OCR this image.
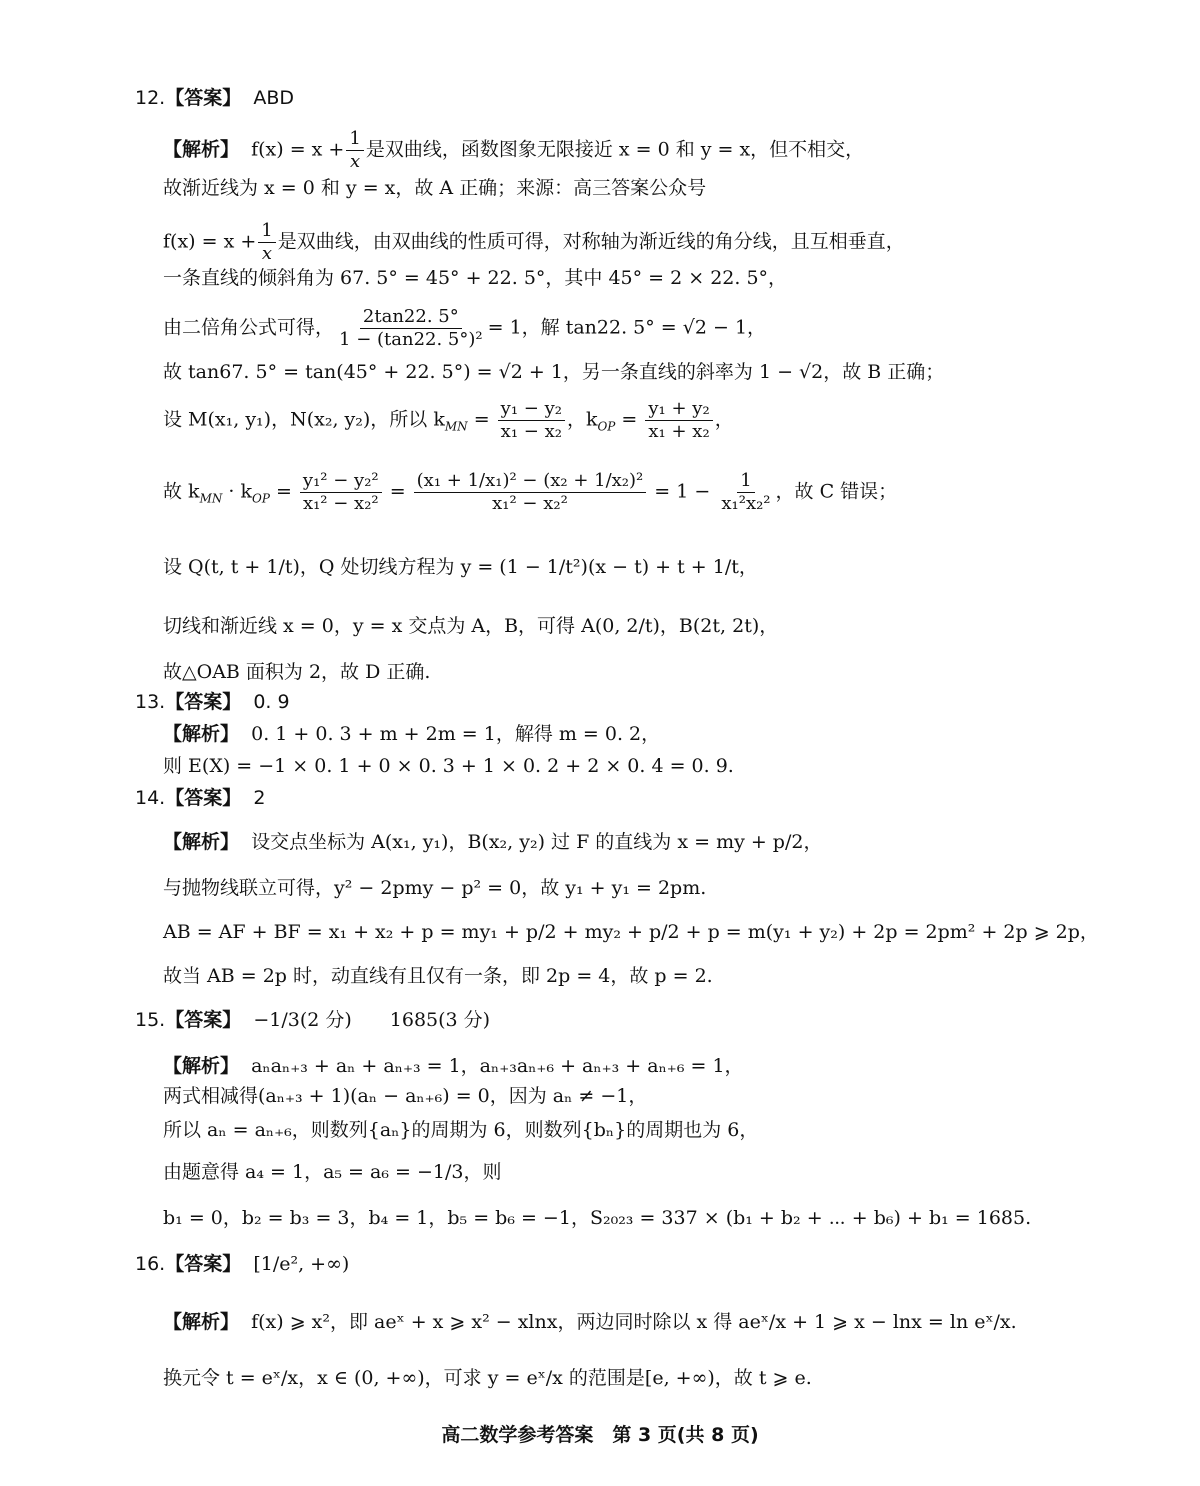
12.【答案】 ABD
【解析】 $f(x) = x + \frac{1}{x}$ 是双曲线，函数图象无限接近 x = 0 和 y = x，但不相交，
故渐近线为 x = 0 和 y = x，故 A 正确；来源：高三答案公众号
$f(x) = x + \frac{1}{x}$ 是双曲线，由双曲线的性质可得，对称轴为渐近线的角分线，且互相垂直，
一条直线的倾斜角为 67. 5° = 45° + 22. 5°，其中 45° = 2 × 22. 5°，
由二倍角公式可得， $\frac{2\tan 22. 5^\circ}{\text{1 − (tan22. 5°)²}} = 1$，解 tan22. 5° = √2 − 1，
故 tan67. 5° = tan(45° + 22. 5°) = √2 + 1，另一条直线的斜率为 1 − √2，故 B 正确；
设 M(x₁, y₁)，N(x₂, y₂)，所以 $k_{MN} = \frac{\text{y₁ − y₂}}{\text{x₁ − x₂}}$ ，$k_{OP} = \frac{\text{y₁ + y₂}}{\text{x₁ + x₂}}$ ，
故 $k_{MN} \cdot k_{OP} = \frac{\text{y₁² − y₂²}}{\text{x₁² − x₂²}} = \frac{\text{(x₁ + 1/x₁)² − (x₂ + 1/x₂)²}}{\text{x₁² − x₂²}} = 1 - \frac{1}{\text{x₁²x₂²}}$ ，故 C 错误；
设 Q(t, t + 1/t)，Q 处切线方程为 y = (1 − 1/t²)(x − t) + t + 1/t，
切线和渐近线 x = 0，y = x 交点为 A，B，可得 A(0, 2/t)，B(2t, 2t)，
故△OAB 面积为 2，故 D 正确.
13.【答案】 0. 9
【解析】 0. 1 + 0. 3 + m + 2m = 1，解得 m = 0. 2，
则 E(X) = −1 × 0. 1 + 0 × 0. 3 + 1 × 0. 2 + 2 × 0. 4 = 0. 9.
14.【答案】 2
【解析】 设交点坐标为 A(x₁, y₁)，B(x₂, y₂) 过 F 的直线为 x = my + p/2，
与抛物线联立可得，y² − 2pmy − p² = 0，故 y₁ + y₁ = 2pm.
AB = AF + BF = x₁ + x₂ + p = my₁ + p/2 + my₂ + p/2 + p = m(y₁ + y₂) + 2p = 2pm² + 2p ⩾ 2p，
故当 AB = 2p 时，动直线有且仅有一条，即 2p = 4，故 p = 2.
15.【答案】 −1/3(2 分)　　1685(3 分)
【解析】 aₙaₙ₊₃ + aₙ + aₙ₊₃ = 1，aₙ₊₃aₙ₊₆ + aₙ₊₃ + aₙ₊₆ = 1，
两式相减得(aₙ₊₃ + 1)(aₙ − aₙ₊₆) = 0，因为 aₙ ≠ −1，
所以 aₙ = aₙ₊₆，则数列{aₙ}的周期为 6，则数列{bₙ}的周期也为 6，
由题意得 a₄ = 1，a₅ = a₆ = −1/3，则
b₁ = 0，b₂ = b₃ = 3，b₄ = 1，b₅ = b₆ = −1，S₂₀₂₃ = 337 × (b₁ + b₂ + ⋯ + b₆) + b₁ = 1685.
16.【答案】 [1/e², +∞)
【解析】 f(x) ⩾ x²，即 aeˣ + x ⩾ x² − xlnx，两边同时除以 x 得 aeˣ/x + 1 ⩾ x − lnx = ln eˣ/x.
换元令 t = eˣ/x，x ∈ (0, +∞)，可求 y = eˣ/x 的范围是[e, +∞)，故 t ⩾ e.
高二数学参考答案　第 3 页(共 8 页)
